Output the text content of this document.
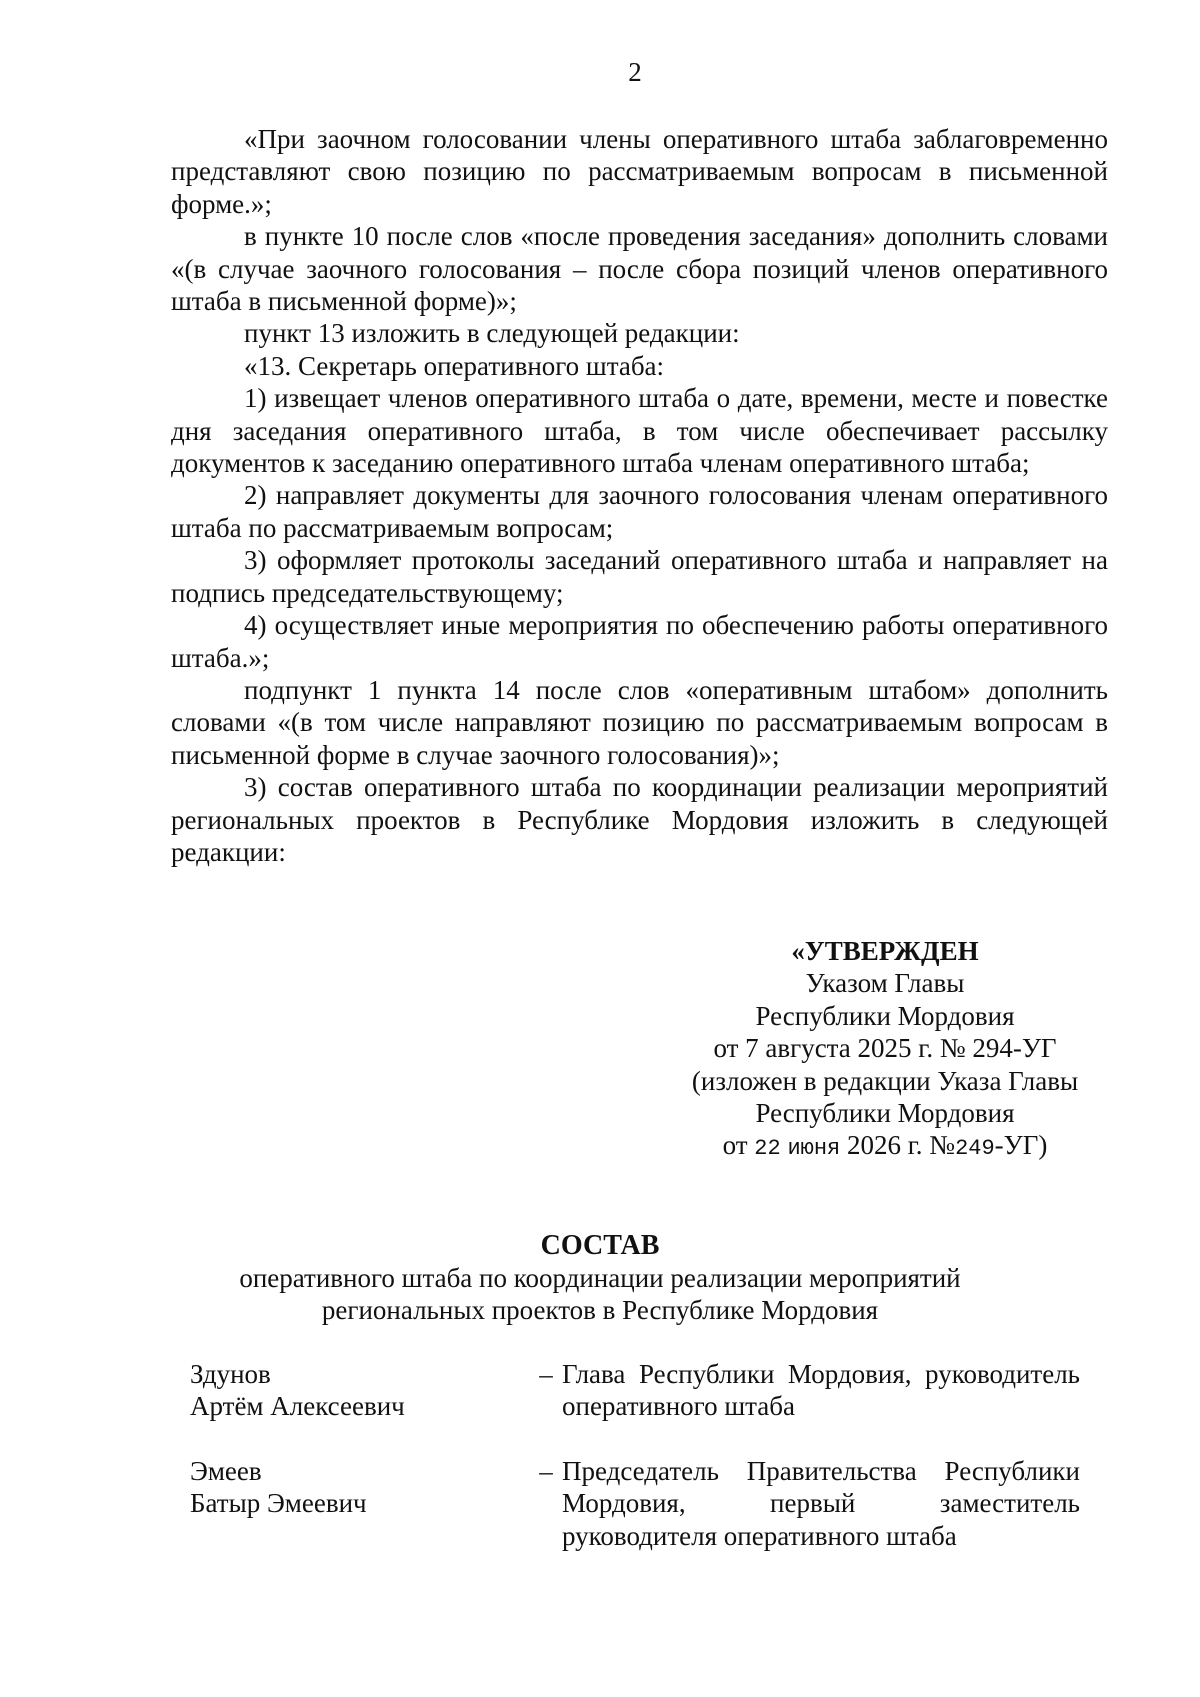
2

«При заочном голосовании члены оперативного штаба заблаговременно представляют свою позицию по рассматриваемым вопросам в письменной форме.»;

в пункте 10 после слов «после проведения заседания» дополнить словами «(в случае заочного голосования – после сбора позиций членов оперативного штаба в письменной форме)»;

пункт 13 изложить в следующей редакции:

«13. Секретарь оперативного штаба:

1) извещает членов оперативного штаба о дате, времени, месте и повестке дня заседания оперативного штаба, в том числе обеспечивает рассылку документов к заседанию оперативного штаба членам оперативного штаба;

2) направляет документы для заочного голосования членам оперативного штаба по рассматриваемым вопросам;

3) оформляет протоколы заседаний оперативного штаба и направляет на подпись председательствующему;

4) осуществляет иные мероприятия по обеспечению работы оперативного штаба.»;

подпункт 1 пункта 14 после слов «оперативным штабом» дополнить словами «(в том числе направляют позицию по рассматриваемым вопросам в письменной форме в случае заочного голосования)»;

3) состав оперативного штаба по координации реализации мероприятий региональных проектов в Республике Мордовия изложить в следующей редакции:

«УТВЕРЖДЕН
Указом Главы
Республики Мордовия
от 7 августа 2025 г. № 294-УГ
(изложен в редакции Указа Главы
Республики Мордовия
от 22 июня 2026 г. №249-УГ)
СОСТАВ
оперативного штаба по координации реализации мероприятий
региональных проектов в Республике Мордовия
Здунов
Артём Алексеевич
– Глава Республики Мордовия, руководитель оперативного штаба
Эмеев
Батыр Эмеевич
– Председатель Правительства Республики Мордовия, первый заместитель руководителя оперативного штаба
